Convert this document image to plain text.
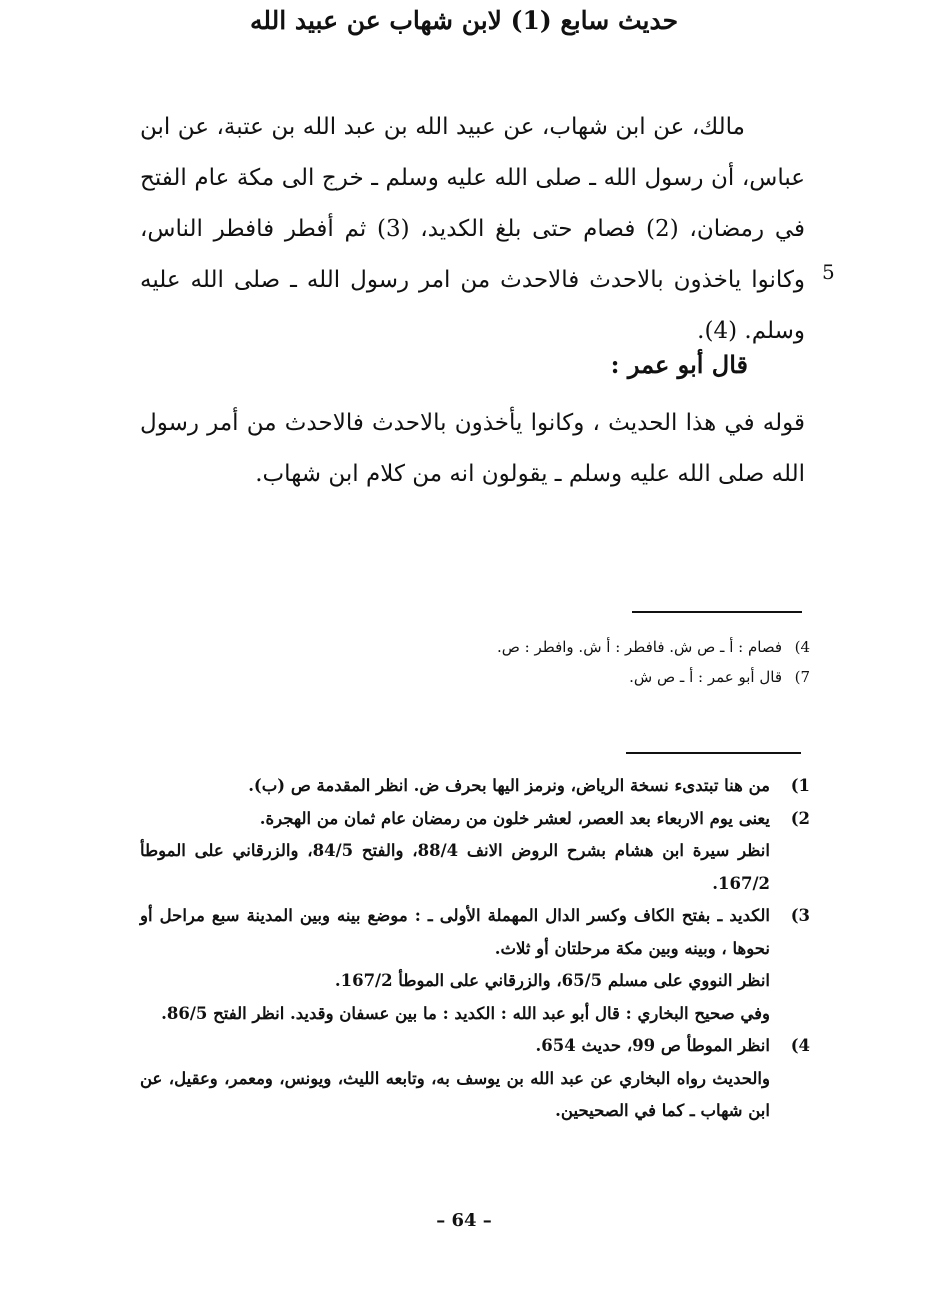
حديث سابع (1) لابن شهاب عن عبيد الله

مالك، عن ابن شهاب، عن عبيد الله بن عبد الله بن عتبة، عن ابن عباس، أن رسول الله ـ صلى الله عليه وسلم ـ خرج الى مكة عام الفتح في رمضان، (2) فصام حتى بلغ الكديد، (3) ثم أفطر فافطر الناس، وكانوا ياخذون بالاحدث فالاحدث من امر رسول الله ـ صلى الله عليه وسلم. (4).

5
قال أبو عمر :

قوله في هذا الحديث ، وكانوا يأخذون بالاحدث فالاحدث من أمر رسول الله صلى الله عليه وسلم ـ يقولون انه من كلام ابن شهاب.

4)
فصام : أ ـ ص ش. فافطر : أ ش. وافطر : ص.
7)
قال أبو عمر : أ ـ ص ش.
1)
من هنا تبتدىء نسخة الرياض، ونرمز اليها بحرف ض. انظر المقدمة ص (ب).
2)
يعنى يوم الاربعاء بعد العصر، لعشر خلون من رمضان عام ثمان من الهجرة.
انظر سيرة ابن هشام بشرح الروض الانف 88/4، والفتح 84/5، والزرقاني على الموطأ 167/2.
3)
الكديد ـ بفتح الكاف وكسر الدال المهملة الأولى ـ : موضع بينه وبين المدينة سبع مراحل أو نحوها ، وبينه وبين مكة مرحلتان أو ثلاث.
انظر النووي على مسلم 65/5، والزرقاني على الموطأ 167/2.
وفي صحيح البخاري : قال أبو عبد الله : الكديد : ما بين عسفان وقديد. انظر الفتح 86/5.
4)
انظر الموطأ ص 99، حديث 654.
والحديث رواه البخاري عن عبد الله بن يوسف به، وتابعه الليث، ويونس، ومعمر، وعقيل، عن ابن شهاب ـ كما في الصحيحين.
– 64 –
